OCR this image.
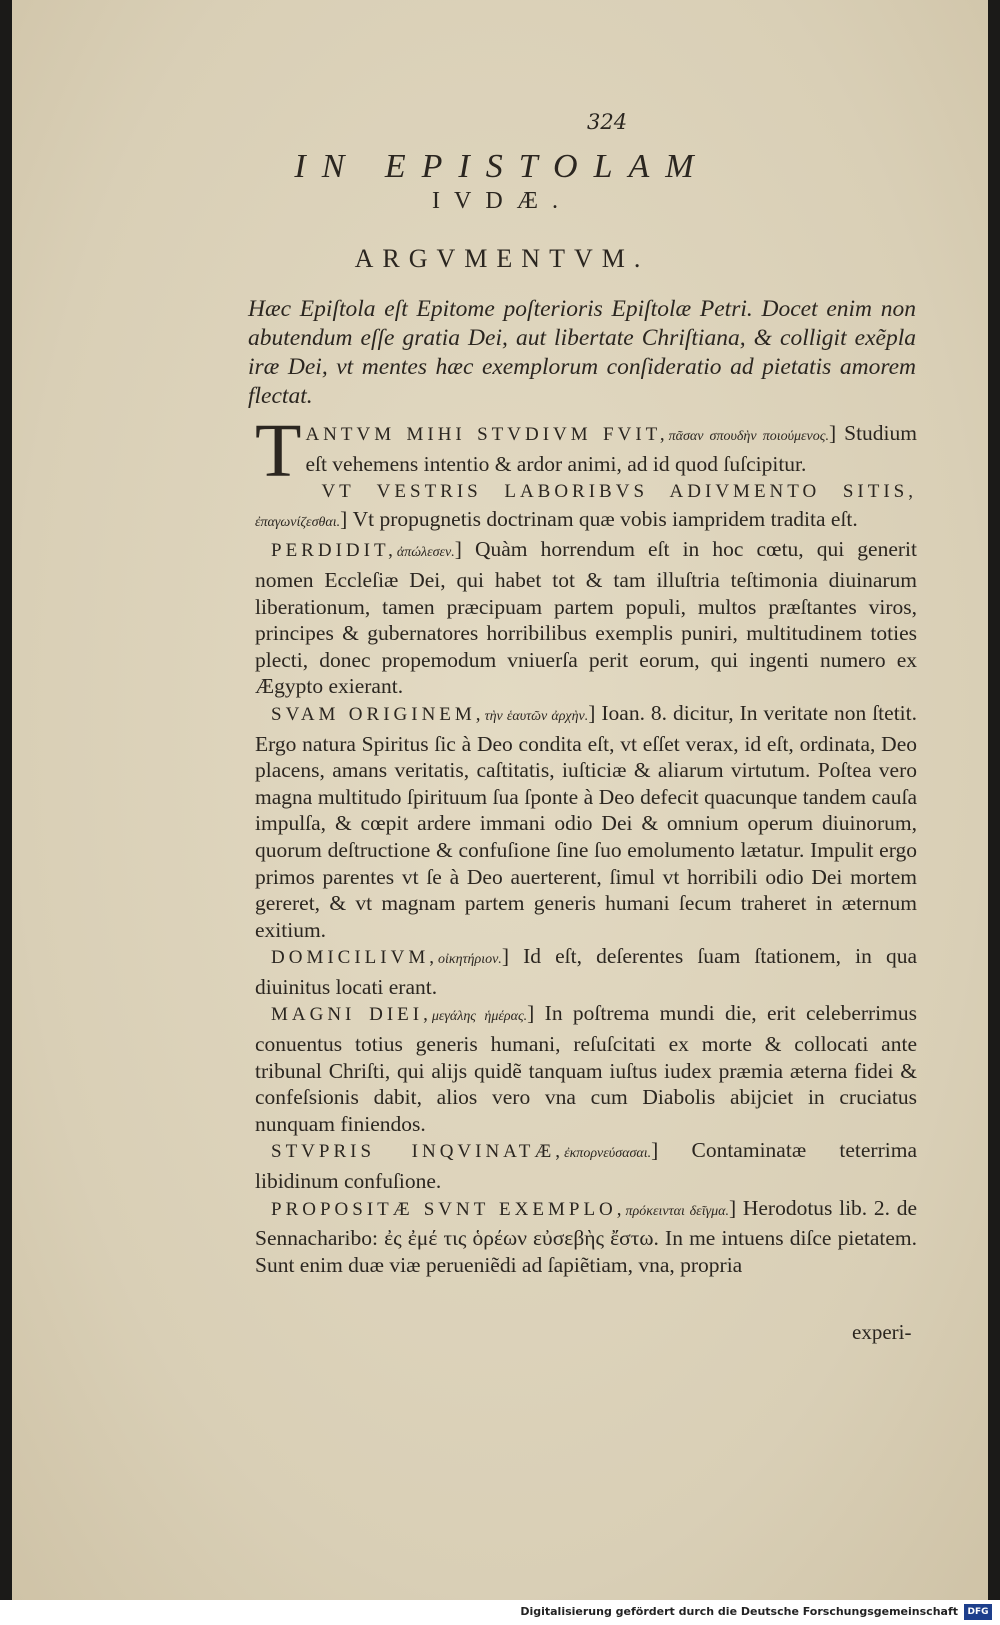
324
IN EPISTOLAM
IVDÆ.
ARGVMENTVM.
Hæc Epiſtola eſt Epitome poſterioris Epiſtolæ Petri. Docet enim non abutendum eſſe gratia Dei, aut libertate Chriſtiana, & colligit exẽpla iræ Dei, vt mentes hæc exemplorum conſideratio ad pietatis amorem flectat.

T ANTVM MIHI STVDIVM FVIT,πᾶσαν σπουδὴν ποιούμενος.] Studium eſt vehemens intentio & ardor animi, ad id quod ſuſcipitur.

VT VESTRIS LABORIBVS ADIVMENTO SITIS, ἐπαγωνίζεσθαι.] Vt propugnetis doctrinam quæ vobis iampridem tradita eſt.

PERDIDIT,ἀπώλεσεν.] Quàm horrendum eſt in hoc cœtu, qui generit nomen Eccleſiæ Dei, qui habet tot & tam illuſtria teſtimonia diuinarum liberationum, tamen præcipuam partem populi, multos præſtantes viros, principes & gubernatores horribilibus exemplis puniri, multitudinem toties plecti, donec propemodum vniuerſa perit eorum, qui ingenti numero ex Ægypto exierant.

SVAM ORIGINEM,τὴν ἑαυτῶν ἀρχὴν.] Ioan. 8. dicitur, In veritate non ſtetit. Ergo natura Spiritus ſic à Deo condita eſt, vt eſſet verax, id eſt, ordinata, Deo placens, amans veritatis, caſtitatis, iuſticiæ & aliarum virtutum. Poſtea vero magna multitudo ſpirituum ſua ſponte à Deo defecit quacunque tandem cauſa impulſa, & cœpit ardere immani odio Dei & omnium operum diuinorum, quorum deſtructione & confuſione ſine ſuo emolumento lætatur. Impulit ergo primos parentes vt ſe à Deo auerterent, ſimul vt horribili odio Dei mortem gereret, & vt magnam partem generis humani ſecum traheret in æternum exitium.

DOMICILIVM,οἰκητήριον.] Id eſt, deſerentes ſuam ſtationem, in qua diuinitus locati erant.

MAGNI DIEI,μεγάλης ἡμέρας.] In poſtrema mundi die, erit celeberrimus conuentus totius generis humani, reſuſcitati ex morte & collocati ante tribunal Chriſti, qui alijs quidẽ tanquam iuſtus iudex præmia æterna fidei & confeſsionis dabit, alios vero vna cum Diabolis abijciet in cruciatus nunquam finiendos.

STVPRIS INQVINATÆ,ἐκπορνεύσασαι.] Contaminatæ teterrima libidinum confuſione.

PROPOSITÆ SVNT EXEMPLO,πρόκεινται δεῖγμα.] Herodotus lib. 2. de Sennacharibo: ἐς ἐμέ τις ὁρέων εὐσεβὴς ἔστω. In me intuens diſce pietatem. Sunt enim duæ viæ perueniẽdi ad ſapiẽtiam, vna, propria

experi-
Digitalisierung gefördert durch die Deutsche Forschungsgemeinschaft	DFG
